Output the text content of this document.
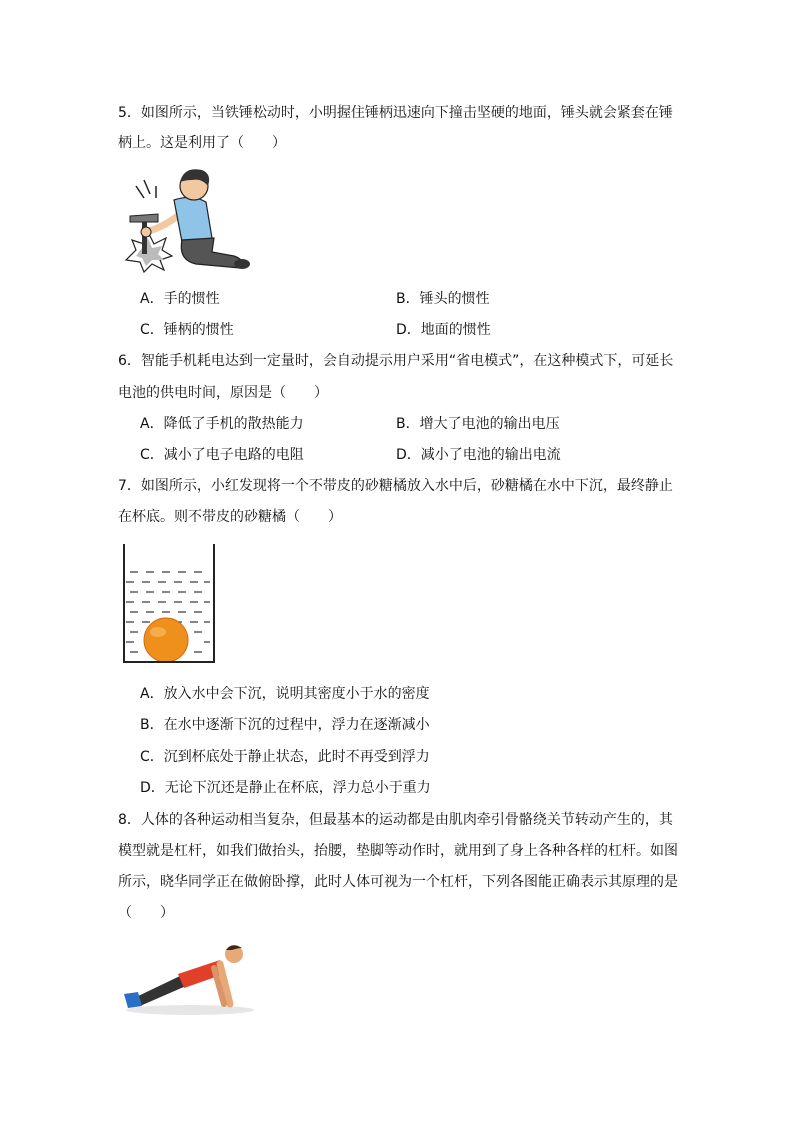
5．如图所示，当铁锤松动时，小明握住锤柄迅速向下撞击坚硬的地面，锤头就会紧套在锤
柄上。这是利用了（　　）
A．手的惯性	B．锤头的惯性
C．锤柄的惯性	D．地面的惯性
6．智能手机耗电达到一定量时，会自动提示用户采用“省电模式”，在这种模式下，可延长
电池的供电时间，原因是（　　）
A．降低了手机的散热能力	B．增大了电池的输出电压
C．减小了电子电路的电阻	D．减小了电池的输出电流
7．如图所示，小红发现将一个不带皮的砂糖橘放入水中后，砂糖橘在水中下沉，最终静止
在杯底。则不带皮的砂糖橘（　　）
A．放入水中会下沉，说明其密度小于水的密度
B．在水中逐渐下沉的过程中，浮力在逐渐减小
C．沉到杯底处于静止状态，此时不再受到浮力
D．无论下沉还是静止在杯底，浮力总小于重力
8．人体的各种运动相当复杂，但最基本的运动都是由肌肉牵引骨骼绕关节转动产生的，其
模型就是杠杆，如我们做抬头，抬腰，垫脚等动作时，就用到了身上各种各样的杠杆。如图
所示，晓华同学正在做俯卧撑，此时人体可视为一个杠杆，下列各图能正确表示其原理的是
（　　）
